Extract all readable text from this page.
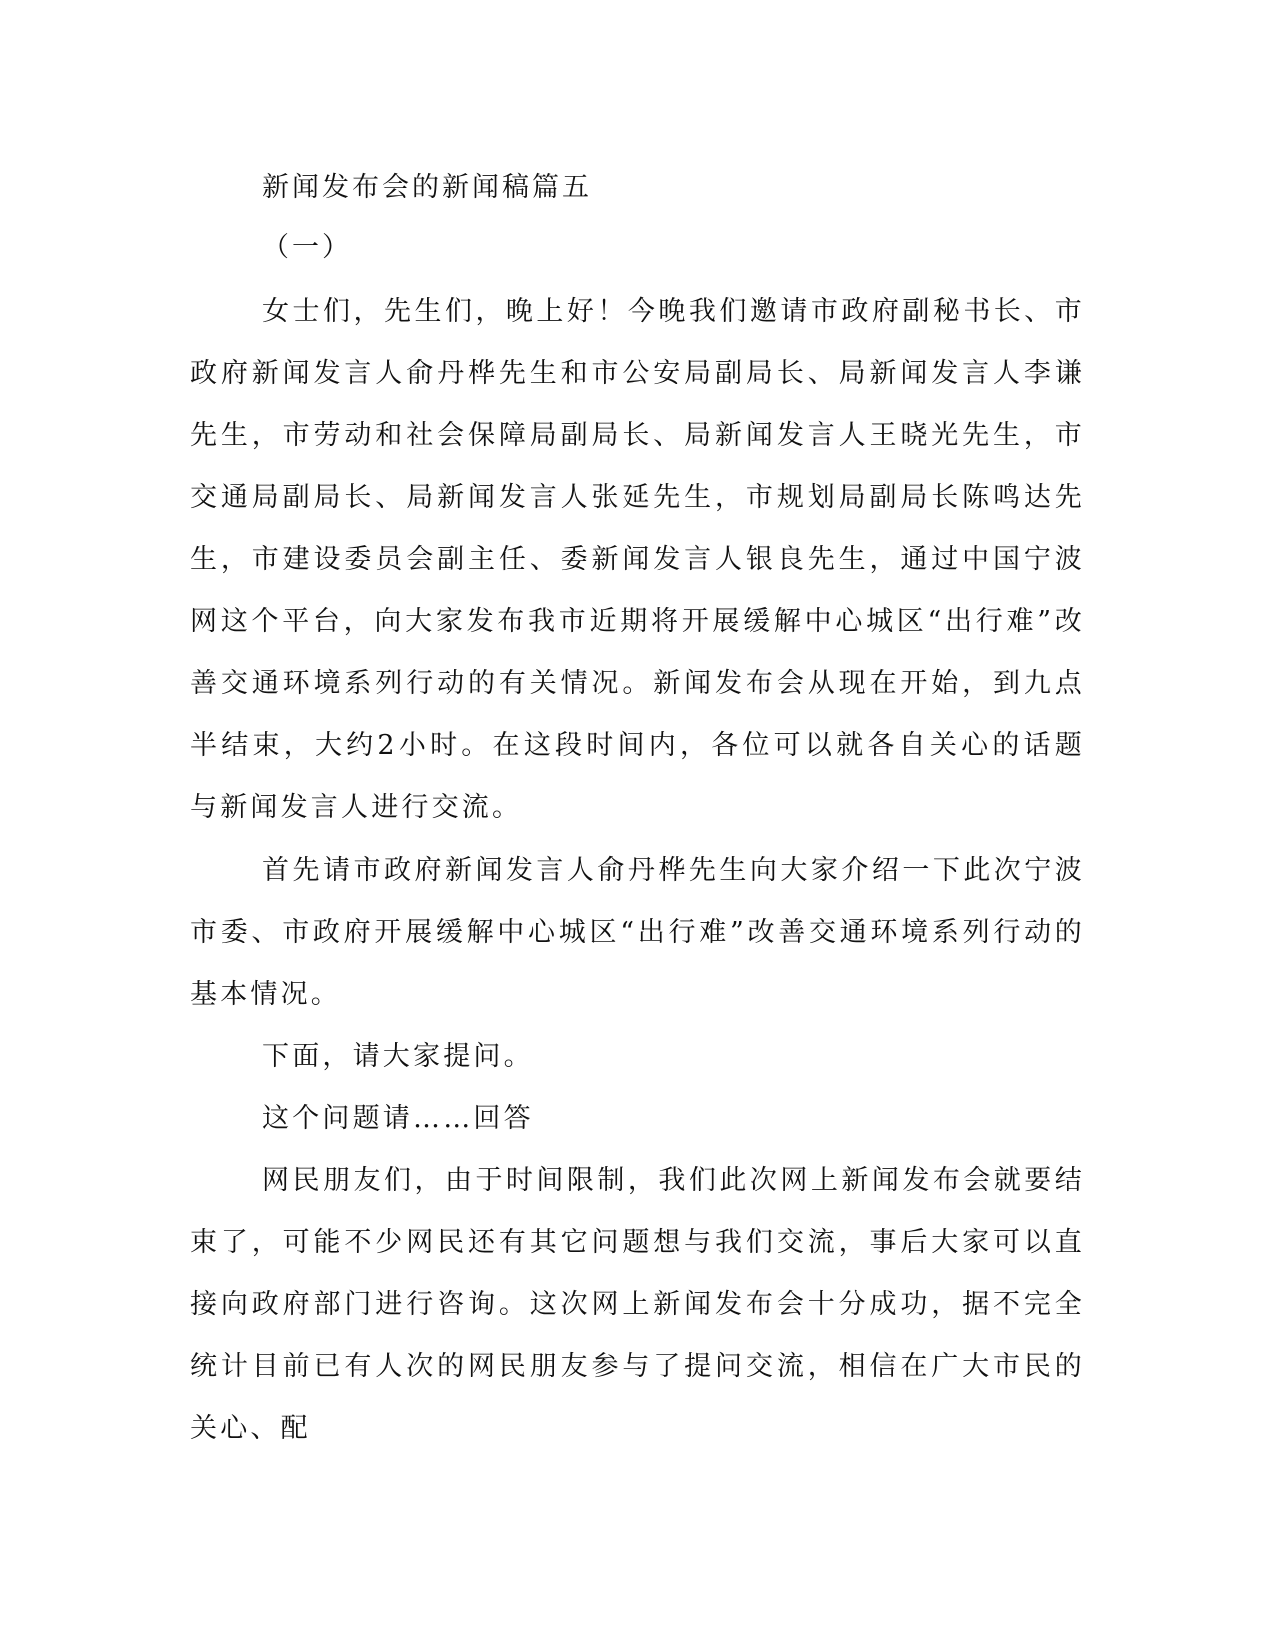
新闻发布会的新闻稿篇五
（一）

女士们，先生们，晚上好！今晚我们邀请市政府副秘书长、市政府新闻发言人俞丹桦先生和市公安局副局长、局新闻发言人李谦先生，市劳动和社会保障局副局长、局新闻发言人王晓光先生，市交通局副局长、局新闻发言人张延先生，市规划局副局长陈鸣达先生，市建设委员会副主任、委新闻发言人银良先生，通过中国宁波网这个平台，向大家发布我市近期将开展缓解中心城区“出行难”改善交通环境系列行动的有关情况。新闻发布会从现在开始，到九点半结束，大约2小时。在这段时间内，各位可以就各自关心的话题与新闻发言人进行交流。

首先请市政府新闻发言人俞丹桦先生向大家介绍一下此次宁波市委、市政府开展缓解中心城区“出行难”改善交通环境系列行动的基本情况。

下面，请大家提问。

这个问题请……回答

网民朋友们，由于时间限制，我们此次网上新闻发布会就要结束了，可能不少网民还有其它问题想与我们交流，事后大家可以直接向政府部门进行咨询。这次网上新闻发布会十分成功，据不完全统计目前已有人次的网民朋友参与了提问交流，相信在广大市民的关心、配
